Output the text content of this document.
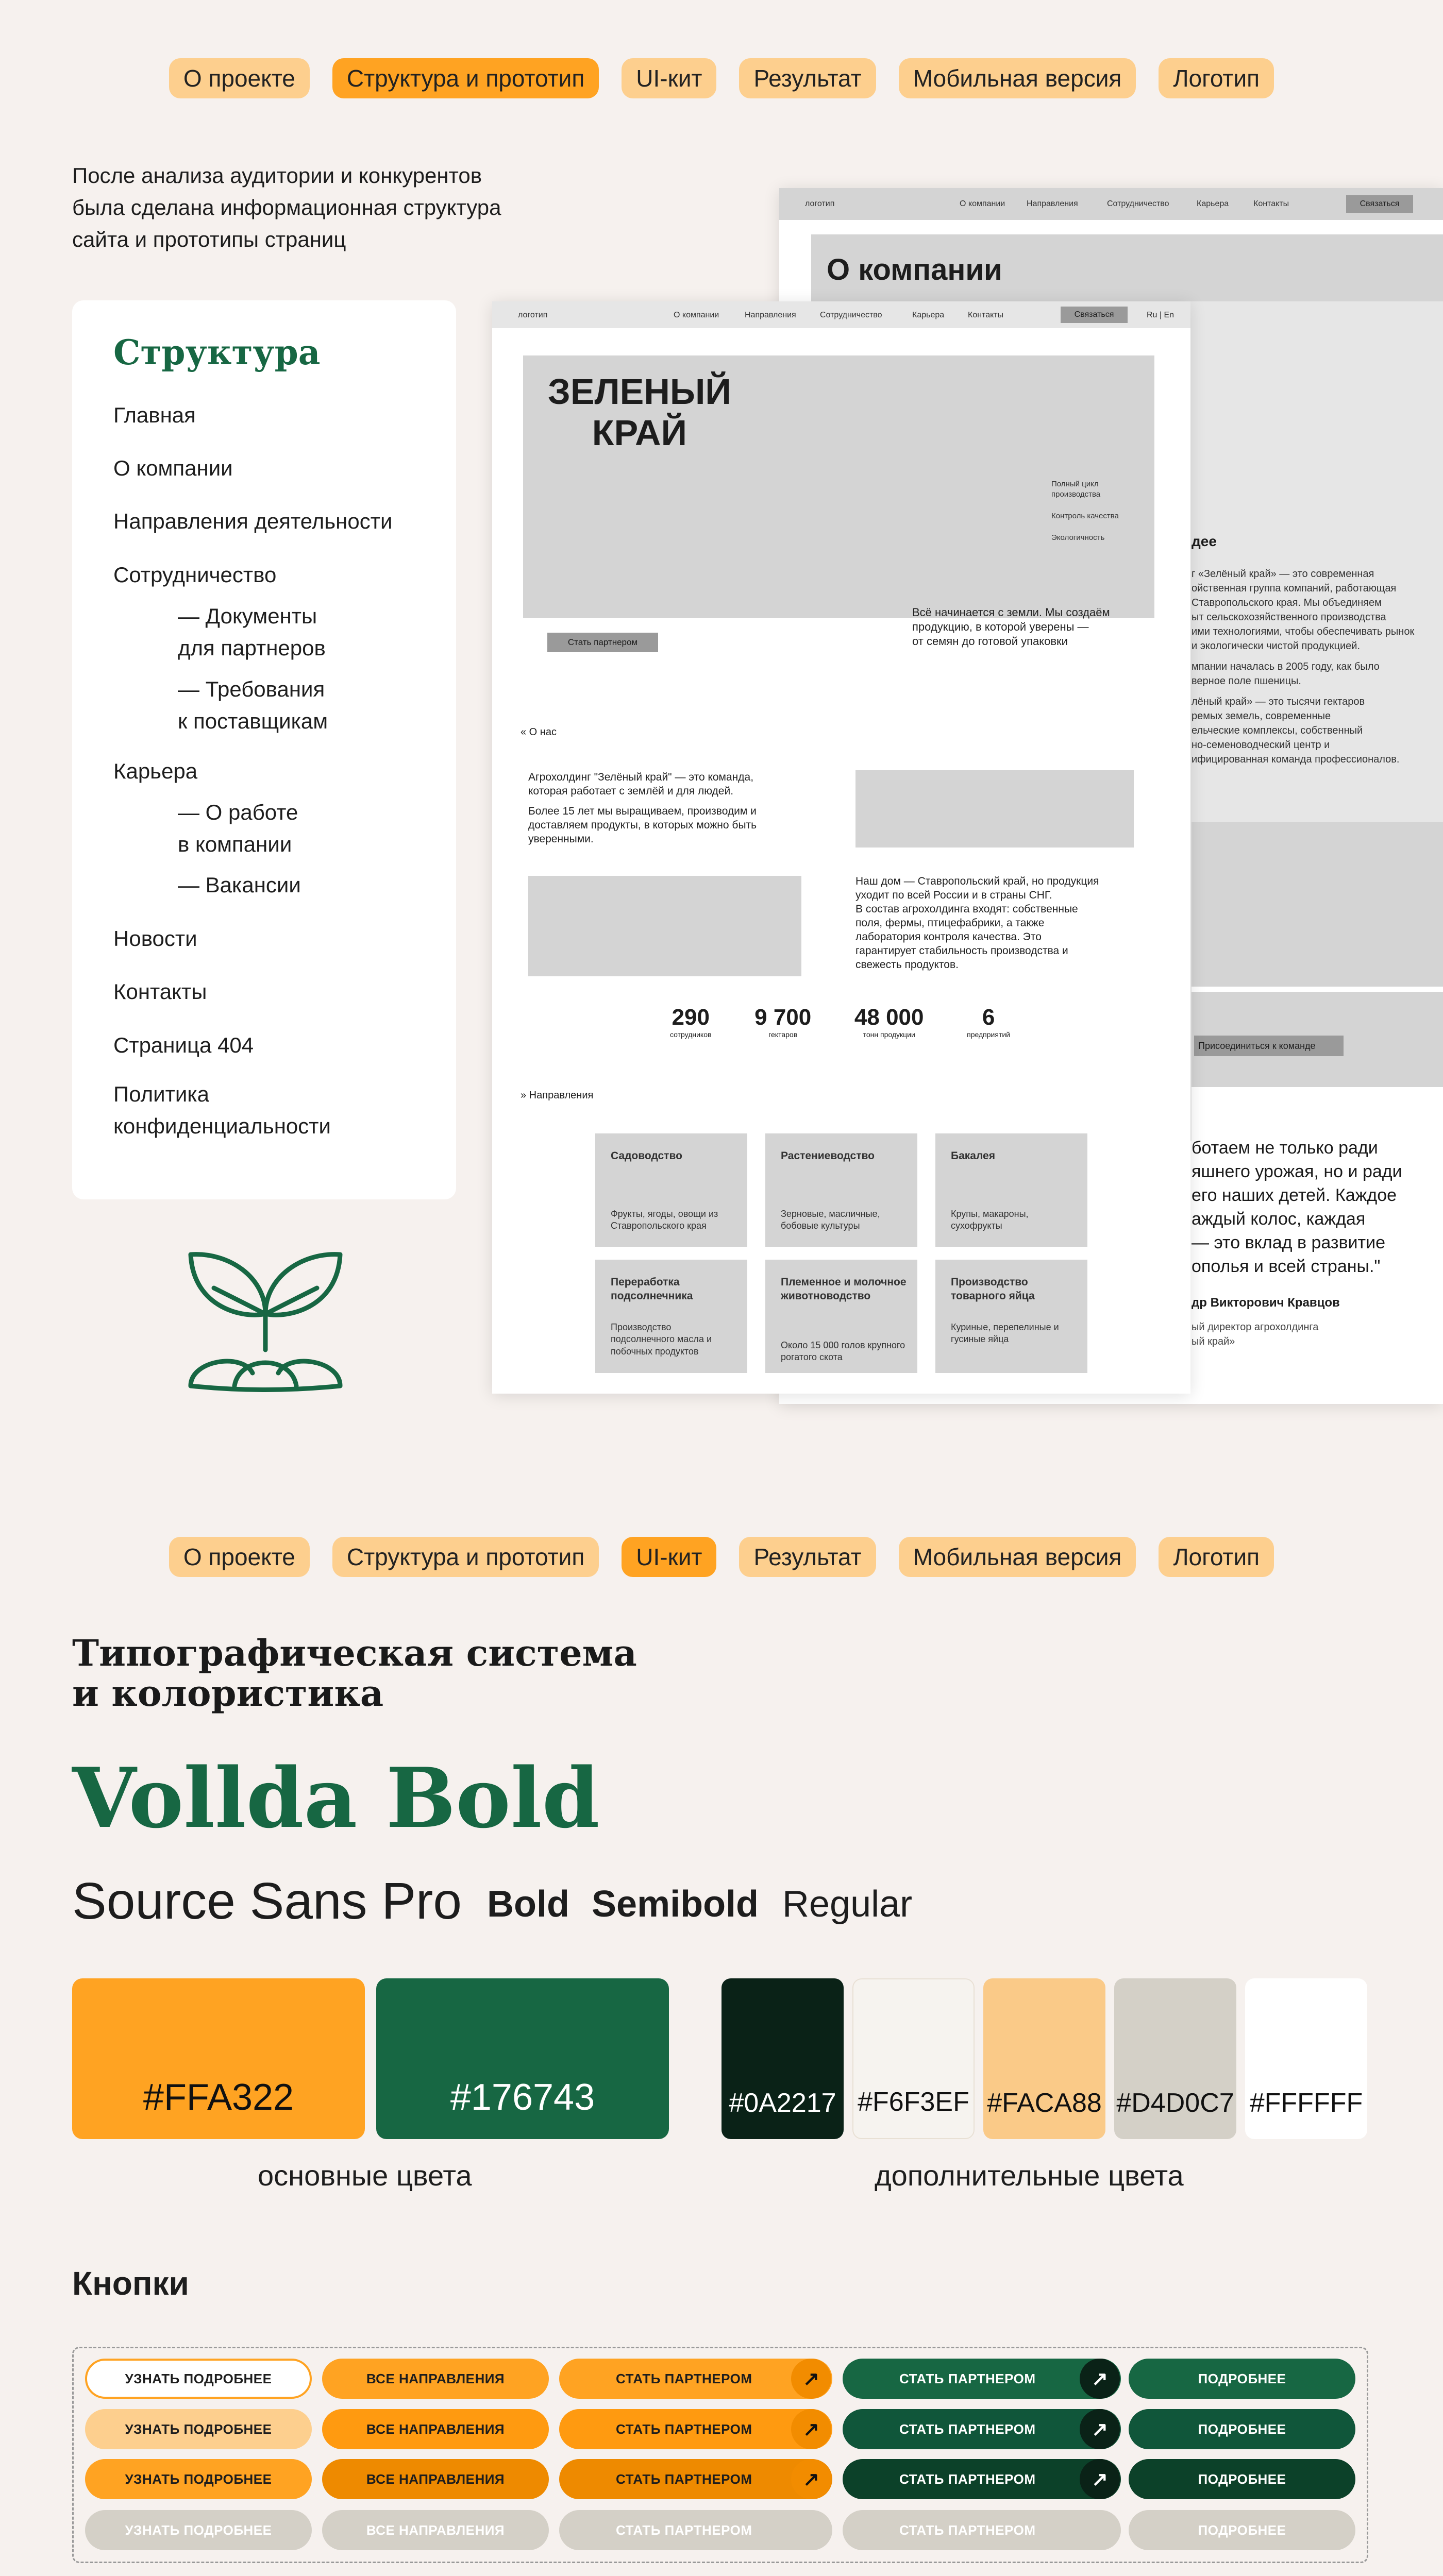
О проекте	Структура и прототип	UI-кит	Результат	Мобильная версия	Логотип
После анализа аудитории и конкурентов
была сделана информационная структура
сайта и прототипы страниц
Структура
Главная
О компании
Направления деятельности
Сотрудничество
— Документы
для партнеров
— Требования
к поставщикам
Карьера
— О работе
в компании
— Вакансии
Новости
Контакты
Страница 404
Политика
конфиденциальности
логотип	О компании	Направления	Сотрудничество	Карьера	Контакты	Связаться
О компании
дее
г «Зелёный край» — это современная
ойственная группа компаний, работающая
Ставропольского края. Мы объединяем
ыт сельскохозяйственного производства
ими технологиями, чтобы обеспечивать рынок
и экологически чистой продукцией.
мпании началась в 2005 году, как было
верное поле пшеницы.
лёный край» — это тысячи гектаров
ремых земель, современные
ельческие комплексы, собственный
но-семеноводческий центр и
ифицированная команда профессионалов.
Присоединиться к команде
ботаем не только ради
яшнего урожая, но и ради
его наших детей. Каждое
аждый колос, каждая
— это вклад в развитие
ополья и всей страны."
др Викторович Кравцов
ый директор агрохолдинга
ый край»
логотип	О компании	Направления	Сотрудничество	Карьера	Контакты	Связаться	Ru | En
ЗЕЛЕНЫЙ
КРАЙ
Полный цикл
производства
Контроль качества
Экологичность
Всё начинается с земли. Мы создаём
продукцию, в которой уверены —
от семян до готовой упаковки
Стать партнером
« О нас
Агрохолдинг "Зелёный край" — это команда,
которая работает с землёй и для людей.
Более 15 лет мы выращиваем, производим и
доставляем продукты, в которых можно быть
уверенными.
Наш дом — Ставропольский край, но продукция
уходит по всей России и в страны СНГ.
В состав агрохолдинга входят: собственные
поля, фермы, птицефабрики, а также
лаборатория контроля качества. Это
гарантирует стабильность производства и
свежесть продуктов.
290
сотрудников
9 700
гектаров
48 000
тонн продукции
6
предприятий
» Направления
Садоводство
Фрукты, ягоды, овощи из Ставропольского края
Растениеводство
Зерновые, масличные, бобовые культуры
Бакалея
Крупы, макароны, сухофрукты
Переработка подсолнечника
Производство подсолнечного масла и побочных продуктов
Племенное и молочное животноводство
Около 15 000 голов крупного рогатого скота
Производство товарного яйца
Куриные, перепелиные и гусиные яйца
О проекте	Структура и прототип	UI-кит	Результат	Мобильная версия	Логотип
Типографическая система
и колористика
Vollda Bold
Source Sans Pro Bold Semibold Regular
#FFA322	#176743	#0A2217 #F6F3EF #FACA88 #D4D0C7 #FFFFFF
основные цвета	дополнительные цвета
Кнопки
УЗНАТЬ ПОДРОБНЕЕ	ВСЕ НАПРАВЛЕНИЯ	СТАТЬ ПАРТНЕРОМ	↗	СТАТЬ ПАРТНЕРОМ	↗	ПОДРОБНЕЕ
УЗНАТЬ ПОДРОБНЕЕ	ВСЕ НАПРАВЛЕНИЯ	СТАТЬ ПАРТНЕРОМ	↗	СТАТЬ ПАРТНЕРОМ	↗	ПОДРОБНЕЕ
УЗНАТЬ ПОДРОБНЕЕ	ВСЕ НАПРАВЛЕНИЯ	СТАТЬ ПАРТНЕРОМ	↗	СТАТЬ ПАРТНЕРОМ	↗	ПОДРОБНЕЕ
УЗНАТЬ ПОДРОБНЕЕ	ВСЕ НАПРАВЛЕНИЯ	СТАТЬ ПАРТНЕРОМ	СТАТЬ ПАРТНЕРОМ	ПОДРОБНЕЕ
